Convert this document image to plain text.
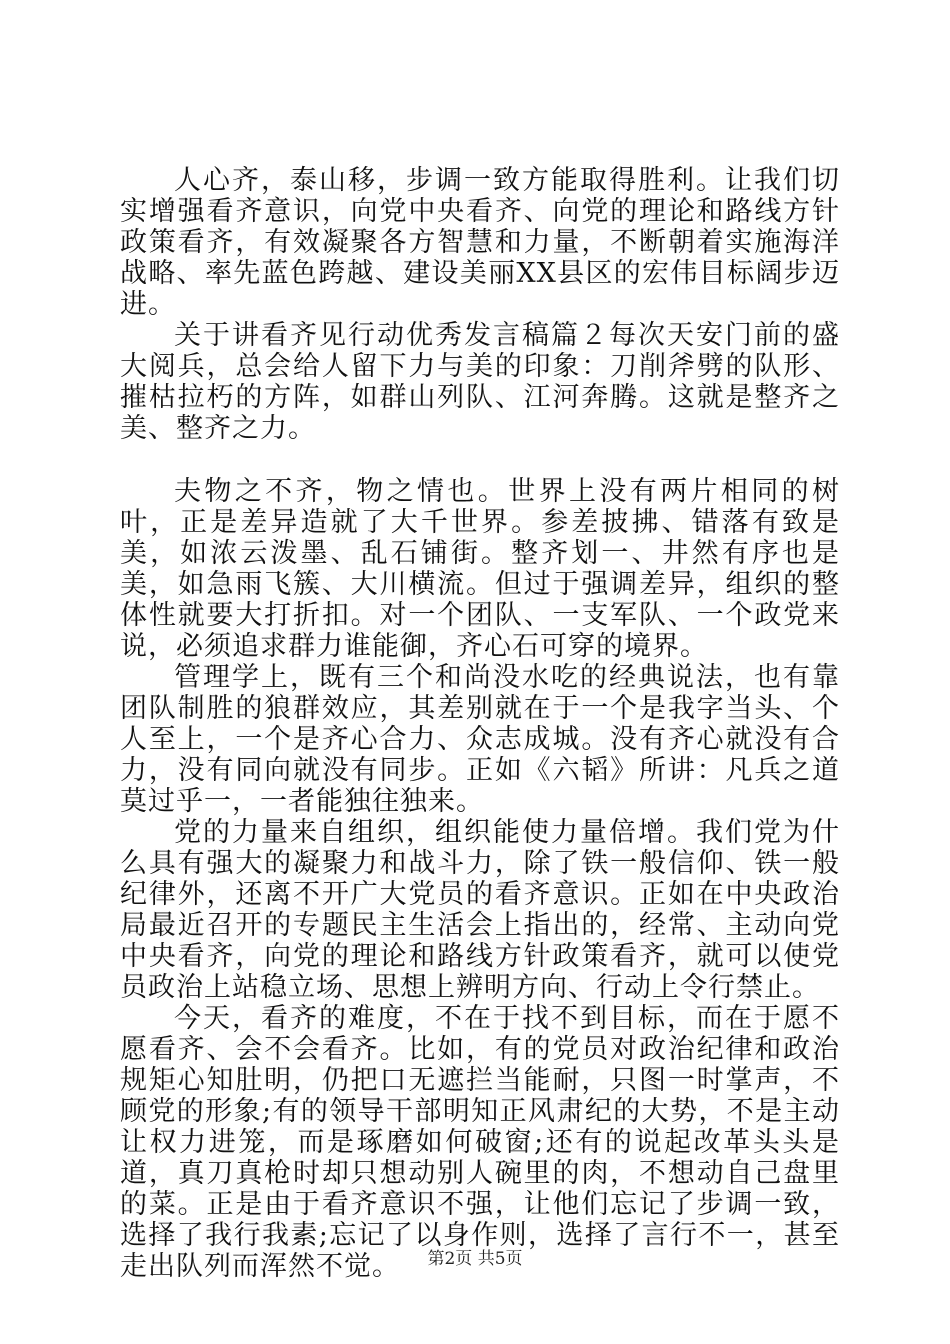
人心齐，泰山移，步调一致方能取得胜利。让我们切实增强看齐意识，向党中央看齐、向党的理论和路线方针政策看齐，有效凝聚各方智慧和力量，不断朝着实施海洋战略、率先蓝色跨越、建设美丽XX县区的宏伟目标阔步迈进。

关于讲看齐见行动优秀发言稿篇２每次天安门前的盛大阅兵，总会给人留下力与美的印象：刀削斧劈的队形、摧枯拉朽的方阵，如群山列队、江河奔腾。这就是整齐之美、整齐之力。

夫物之不齐，物之情也。世界上没有两片相同的树叶，正是差异造就了大千世界。参差披拂、错落有致是美，如浓云泼墨、乱石铺街。整齐划一、井然有序也是美，如急雨飞簇、大川横流。但过于强调差异，组织的整体性就要大打折扣。对一个团队、一支军队、一个政党来说，必须追求群力谁能御，齐心石可穿的境界。

管理学上，既有三个和尚没水吃的经典说法，也有靠团队制胜的狼群效应，其差别就在于一个是我字当头、个人至上，一个是齐心合力、众志成城。没有齐心就没有合力，没有同向就没有同步。正如《六韬》所讲：凡兵之道莫过乎一，一者能独往独来。

党的力量来自组织，组织能使力量倍增。我们党为什么具有强大的凝聚力和战斗力，除了铁一般信仰、铁一般纪律外，还离不开广大党员的看齐意识。正如在中央政治局最近召开的专题民主生活会上指出的，经常、主动向党中央看齐，向党的理论和路线方针政策看齐，就可以使党员政治上站稳立场、思想上辨明方向、行动上令行禁止。

今天，看齐的难度，不在于找不到目标，而在于愿不愿看齐、会不会看齐。比如，有的党员对政治纪律和政治规矩心知肚明，仍把口无遮拦当能耐，只图一时掌声，不顾党的形象;有的领导干部明知正风肃纪的大势，不是主动让权力进笼，而是琢磨如何破窗;还有的说起改革头头是道，真刀真枪时却只想动别人碗里的肉，不想动自己盘里的菜。正是由于看齐意识不强，让他们忘记了步调一致，选择了我行我素;忘记了以身作则，选择了言行不一，甚至走出队列而浑然不觉。	第2页 共5页
